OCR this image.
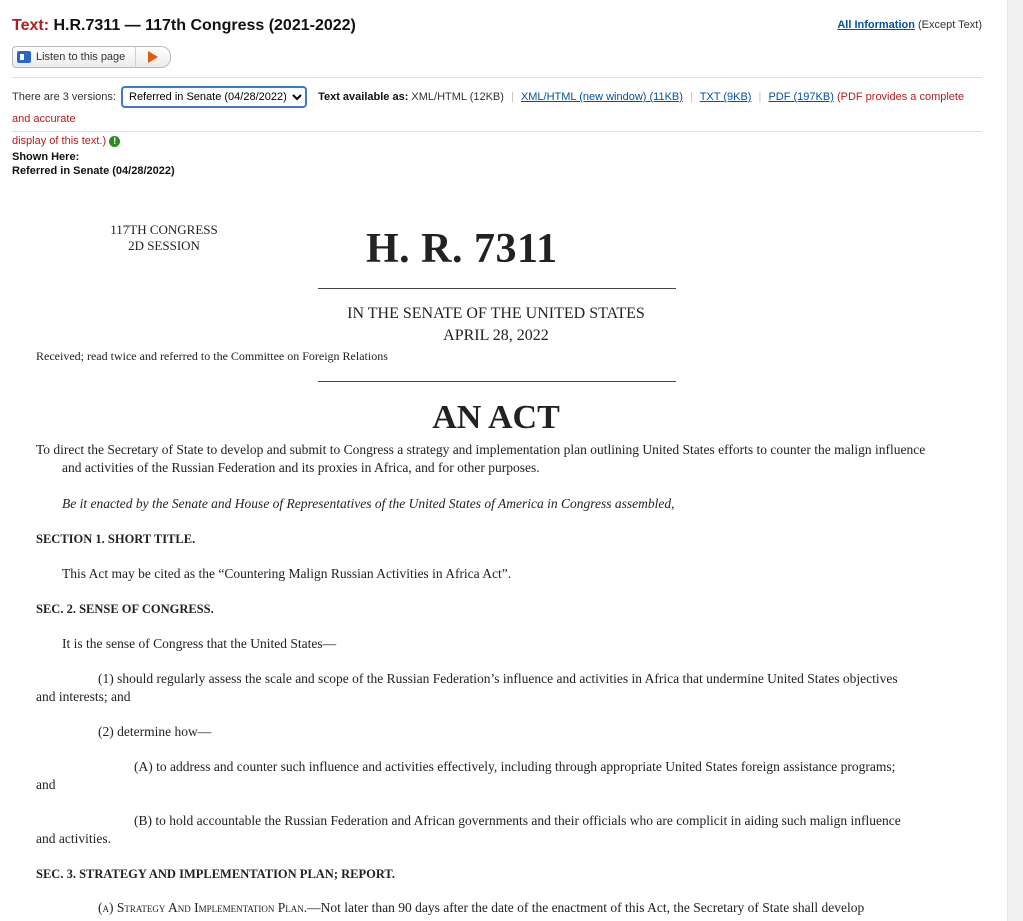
Text: H.R.7311 — 117th Congress (2021-2022)	All Information (Except Text)
Listen to this page
There are 3 versions:
Referred in Senate (04/28/2022)	Text available as: XML/HTML (12KB) | XML/HTML (new window) (11KB) | TXT (9KB) | PDF (197KB) (PDF provides a complete and accurate
display of this text.) !
Shown Here:
Referred in Senate (04/28/2022)
117TH CONGRESS
2D SESSION	H. R. 7311
IN THE SENATE OF THE UNITED STATES
APRIL 28, 2022
Received; read twice and referred to the Committee on Foreign Relations
AN ACT
To direct the Secretary of State to develop and submit to Congress a strategy and implementation plan outlining United States efforts to counter the malign influence and activities of the Russian Federation and its proxies in Africa, and for other purposes.
Be it enacted by the Senate and House of Representatives of the United States of America in Congress assembled,
SECTION 1. SHORT TITLE.
This Act may be cited as the “Countering Malign Russian Activities in Africa Act”.
SEC. 2. SENSE OF CONGRESS.
It is the sense of Congress that the United States—
(1) should regularly assess the scale and scope of the Russian Federation’s influence and activities in Africa that undermine United States objectives and interests; and
(2) determine how—
(A) to address and counter such influence and activities effectively, including through appropriate United States foreign assistance programs; and
(B) to hold accountable the Russian Federation and African governments and their officials who are complicit in aiding such malign influence and activities.
SEC. 3. STRATEGY AND IMPLEMENTATION PLAN; REPORT.
(a) Strategy And Implementation Plan.—Not later than 90 days after the date of the enactment of this Act, the Secretary of State shall develop
